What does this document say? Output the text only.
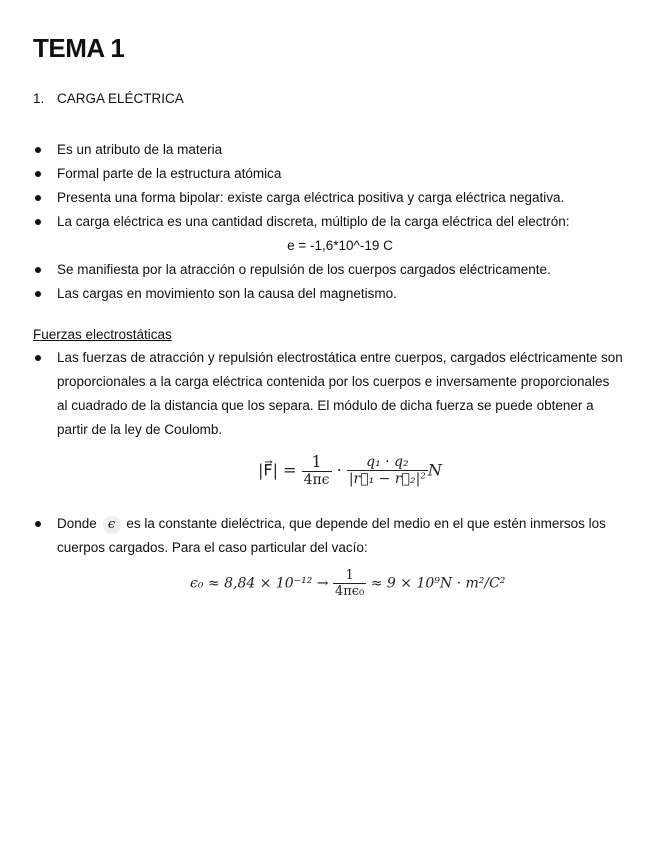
TEMA 1
1. CARGA ELÉCTRICA
Es un atributo de la materia
Formal parte de la estructura atómica
Presenta una forma bipolar: existe carga eléctrica positiva y carga eléctrica negativa.
La carga eléctrica es una cantidad discreta, múltiplo de la carga eléctrica del electrón:
e = -1,6*10^-19 C
Se manifiesta por la atracción o repulsión de los cuerpos cargados eléctricamente.
Las cargas en movimiento son la causa del magnetismo.
Fuerzas electrostáticas
Las fuerzas de atracción y repulsión electrostática entre cuerpos, cargados eléctricamente son proporcionales a la carga eléctrica contenida por los cuerpos e inversamente proporcionales al cuadrado de la distancia que los separa. El módulo de dicha fuerza se puede obtener a partir de la ley de Coulomb.
|F⃗| = $\frac{1}{4\pi\epsilon} \cdot \frac{\text{q₁ · q₂}}{\text{|r⃗₁ − r⃗₂|²}}$ N
Donde ϵ es la constante dieléctrica, que depende del medio en el que estén inmersos los cuerpos cargados. Para el caso particular del vacío:
$\epsilon_0 \approx 8,84 \times 10^{-12} \to \frac{1}{\text{4πϵ₀}} \approx 9 \times 10^9N \cdot m^2/C^2$
